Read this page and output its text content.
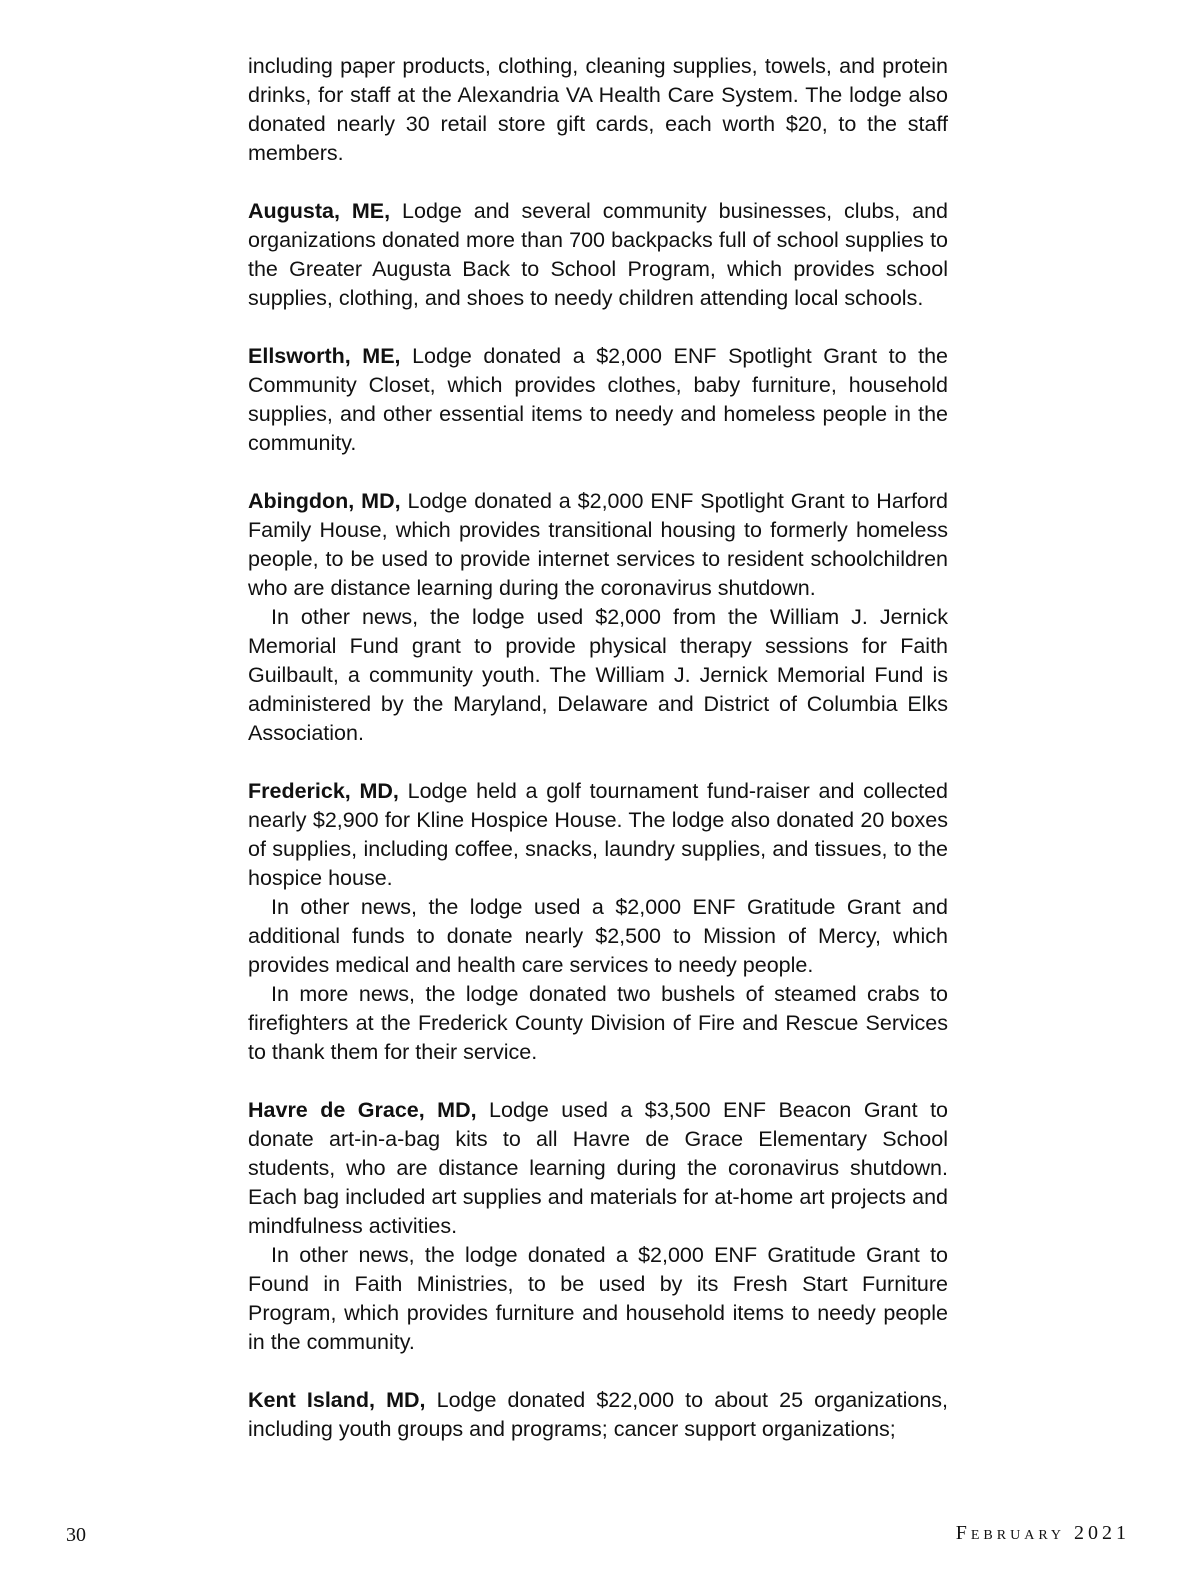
including paper products, clothing, cleaning supplies, towels, and protein drinks, for staff at the Alexandria VA Health Care System. The lodge also donated nearly 30 retail store gift cards, each worth $20, to the staff members.

Augusta, ME, Lodge and several community businesses, clubs, and organizations donated more than 700 backpacks full of school supplies to the Greater Augusta Back to School Program, which provides school supplies, clothing, and shoes to needy children attending local schools.

Ellsworth, ME, Lodge donated a $2,000 ENF Spotlight Grant to the Community Closet, which provides clothes, baby furniture, household supplies, and other essential items to needy and homeless people in the community.

Abingdon, MD, Lodge donated a $2,000 ENF Spotlight Grant to Harford Family House, which provides transitional housing to formerly homeless people, to be used to provide internet services to resident schoolchildren who are distance learning during the coronavirus shutdown.

In other news, the lodge used $2,000 from the William J. Jernick Memorial Fund grant to provide physical therapy sessions for Faith Guilbault, a community youth. The William J. Jernick Memorial Fund is administered by the Maryland, Delaware and District of Columbia Elks Association.

Frederick, MD, Lodge held a golf tournament fund-raiser and collected nearly $2,900 for Kline Hospice House. The lodge also donated 20 boxes of supplies, including coffee, snacks, laundry supplies, and tissues, to the hospice house.

In other news, the lodge used a $2,000 ENF Gratitude Grant and additional funds to donate nearly $2,500 to Mission of Mercy, which provides medical and health care services to needy people.

In more news, the lodge donated two bushels of steamed crabs to firefighters at the Frederick County Division of Fire and Rescue Services to thank them for their service.

Havre de Grace, MD, Lodge used a $3,500 ENF Beacon Grant to donate art-in-a-bag kits to all Havre de Grace Elementary School students, who are distance learning during the coronavirus shutdown. Each bag included art supplies and materials for at-home art projects and mindfulness activities.

In other news, the lodge donated a $2,000 ENF Gratitude Grant to Found in Faith Ministries, to be used by its Fresh Start Furniture Program, which provides furniture and household items to needy people in the community.

Kent Island, MD, Lodge donated $22,000 to about 25 organizations, including youth groups and programs; cancer support organizations;

30	February 2021
